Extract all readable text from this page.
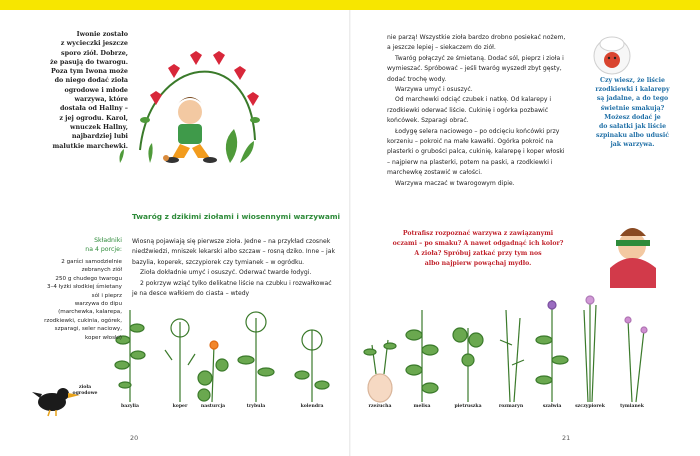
Iwonie zostało
z wycieczki jeszcze
sporo ziół. Dobrze,
że pasują do twarogu.
Poza tym Iwona może
do niego dodać zioła
ogrodowe i młode
warzywa, które
dostała od Hallny –
z jej ogrodu. Karol,
wnuczek Hallny,
najbardziej lubi
malutkie marchewki.
Twaróg z dzikimi ziołami i wiosennymi warzywami
Składniki
na 4 porcje:
2 garści samodzielnie
zebranych ziół
250 g chudego twarogu
3–4 łyżki słodkiej śmietany
sól i pieprz
warzywa do dipu
(marchewka, kalarepa,
rzodkiewki, cukinia, ogórek,
szparagi, seler naciowy,
koper włoski)

Wiosną pojawiają się pierwsze zioła. Jedne – na przykład czosnek niedźwiedzi, mniszek lekarski albo szczaw – rosną dziko. Inne – jak bazylia, koperek, szczypiorek czy tymianek – w ogródku.

Zioła dokładnie umyć i osuszyć. Oderwać twarde łodygi.

2 pokrzyw wziąć tylko delikatne liście na czubku i rozwałkować je na desce wałkiem do ciasta – wtedy

nie parzą! Wszystkie zioła bardzo drobno posiekać nożem, a jeszcze lepiej – siekaczem do ziół.

Twaróg połączyć ze śmietaną. Dodać sól, pieprz i zioła i wymieszać. Spróbować – jeśli twaróg wyszedł zbyt gęsty, dodać trochę wody.

Warzywa umyć i osuszyć.

Od marchewki odciąć czubek i natkę. Od kalarepy i rzodkiewki oderwać liście. Cukinię i ogórka pozbawić końcówek. Szparagi obrać.

Łodygę selera naciowego – po odcięciu końcówki przy korzeniu – pokroić na małe kawałki. Ogórka pokroić na plasterki o grubości palca, cukinię, kalarepę i koper włoski – najpierw na plasterki, potem na paski, a rzodkiewki i marchewkę zostawić w całości.

Warzywa maczać w twarogowym dipie.

Czy wiesz, że liście
rzodkiewki i kalarepy
są jadalne, a do tego
świetnie smakują?
Możesz dodać je
do sałatki jak liście
szpinaku albo udusić
jak warzywa.
Potrafisz rozpoznać warzywa z zawiązanymi
oczami – po smaku? A nawet odgadnąć ich kolor?
A zioła? Spróbuj zatkać przy tym nos
albo najpierw powąchaj mydło.
zioła
ogrodowe
bazylia	koper	nasturcja	trybula	kolendra	rzeżucha	melisa	pietruszka	rozmaryn	szałwia	szczypiorek	tymianek
20	21
